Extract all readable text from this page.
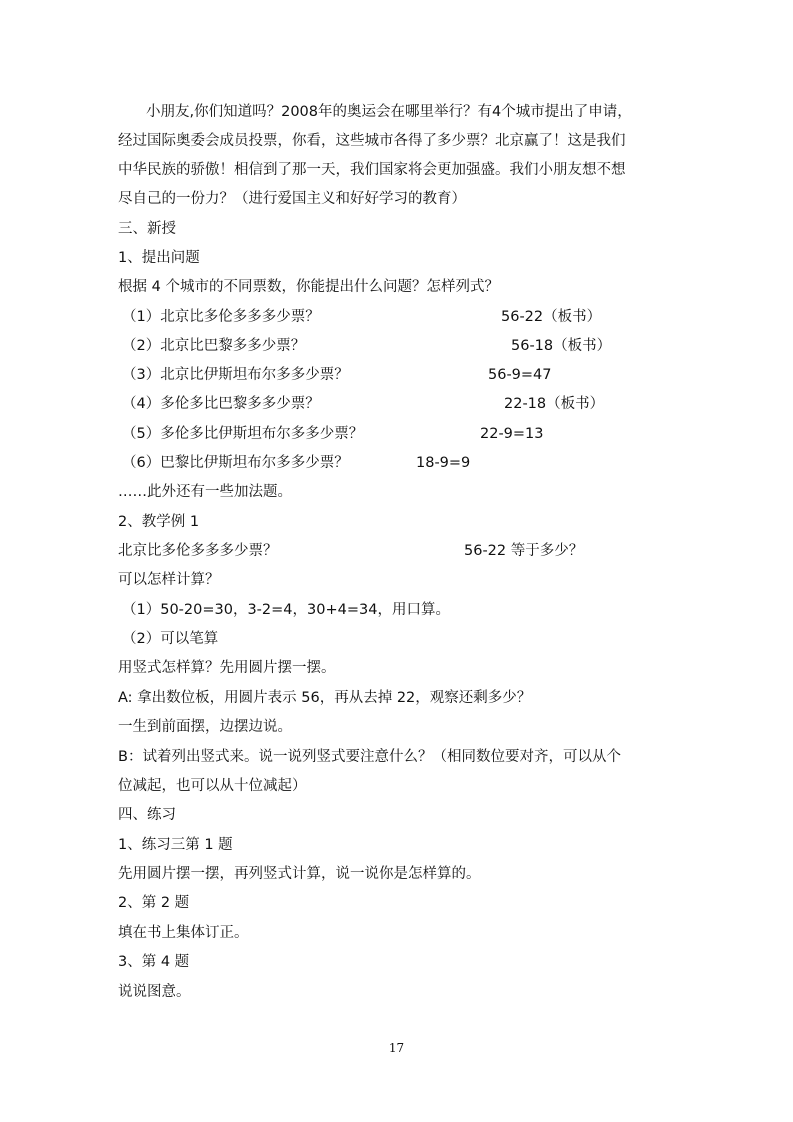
小朋友,你们知道吗？2008年的奥运会在哪里举行？有4个城市提出了申请，
经过国际奥委会成员投票，你看，这些城市各得了多少票？北京赢了！这是我们
中华民族的骄傲！相信到了那一天，我们国家将会更加强盛。我们小朋友想不想
尽自己的一份力？（进行爱国主义和好好学习的教育）
三、新授
1、提出问题
根据 4 个城市的不同票数，你能提出什么问题？怎样列式？
（1）北京比多伦多多多少票？	56-22（板书）
（2）北京比巴黎多多少票？	56-18（板书）
（3）北京比伊斯坦布尔多多少票？	56-9=47
（4）多伦多比巴黎多多少票？	22-18（板书）
（5）多伦多比伊斯坦布尔多多少票？	22-9=13
（6）巴黎比伊斯坦布尔多多少票？	18-9=9
……此外还有一些加法题。
2、教学例 1
北京比多伦多多多少票？	56-22 等于多少？
可以怎样计算？
（1）50-20=30，3-2=4，30+4=34，用口算。
（2）可以笔算
用竖式怎样算？先用圆片摆一摆。
A: 拿出数位板，用圆片表示 56，再从去掉 22，观察还剩多少？
一生到前面摆，边摆边说。
B：试着列出竖式来。说一说列竖式要注意什么？（相同数位要对齐，可以从个
位减起，也可以从十位减起）
四、练习
1、练习三第 1 题
先用圆片摆一摆，再列竖式计算，说一说你是怎样算的。
2、第 2 题
填在书上集体订正。
3、第 4 题
说说图意。
17
